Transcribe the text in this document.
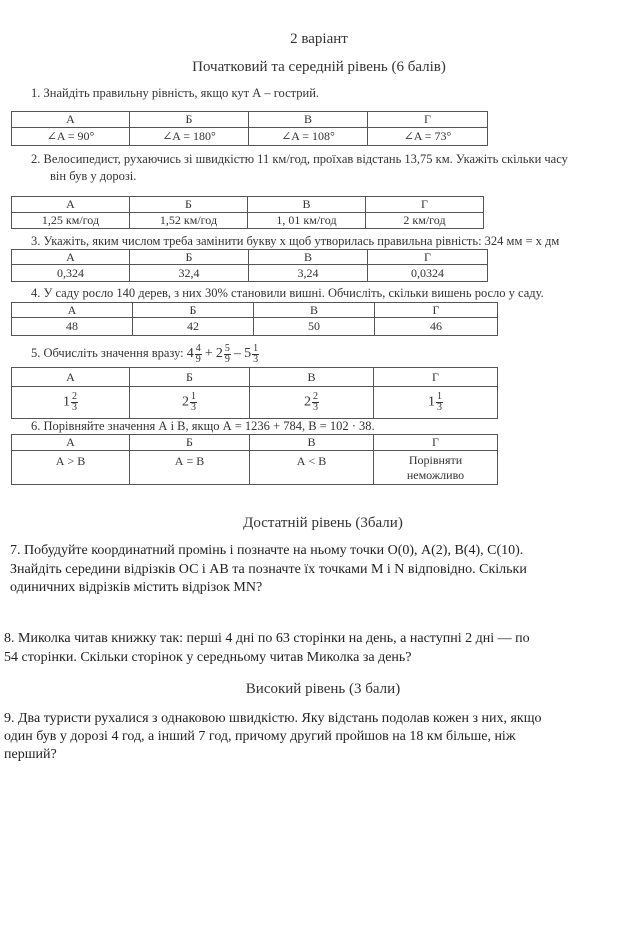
2 варіант
Початковий та середній рівень (6 балів)
1. Знайдіть правильну рівність, якщо кут А – гострий.
А	Б	В	Г
∠A = 90°	∠A = 180°	∠A = 108°	∠A = 73°
2. Велосипедист, рухаючись зі швидкістю 11 км/год, проїхав відстань 13,75 км. Укажіть скільки часу
він був у дорозі.
А	Б	В	Г
1,25 км/год	1,52 км/год	1, 01 км/год	2 км/год
3. Укажіть, яким числом треба замінити букву x щоб утворилась правильна рівність: 324 мм = x дм
А	Б	В	Г
0,324	32,4	3,24	0,0324
4. У саду росло 140 дерев, з них 30% становили вишні. Обчисліть, скільки вишень росло у саду.
А	Б	В	Г
48	42	50	46
5. Обчисліть значення вразу: $4 \frac{4}{9} + 2 \frac{5}{9} - 5 \frac{1}{3}$
А	Б	В	Г
$1 \frac{2}{3}$	$2 \frac{1}{3}$	$2 \frac{2}{3}$	$1 \frac{1}{3}$
6. Порівняйте значення А і В, якщо А = 1236 + 784, В = 102 · 38.
А	Б	В	Г
А > В	А = В	А < В	Порівняти
неможливо
Достатній рівень (3бали)
7. Побудуйте координатний промінь і позначте на ньому точки О(0), А(2), В(4), С(10).
Знайдіть середини відрізків ОС і АВ та позначте їх точками М і N відповідно. Скільки
одиничних відрізків містить відрізок МN?
8. Миколка читав книжку так: перші 4 дні по 63 сторінки на день, а наступні 2 дні — по
54 сторінки. Скільки сторінок у середньому читав Миколка за день?
Високий рівень (3 бали)
9. Два туристи рухалися з однаковою швидкістю. Яку відстань подолав кожен з них, якщо
один був у дорозі 4 год, а інший 7 год, причому другий пройшов на 18 км більше, ніж
перший?
